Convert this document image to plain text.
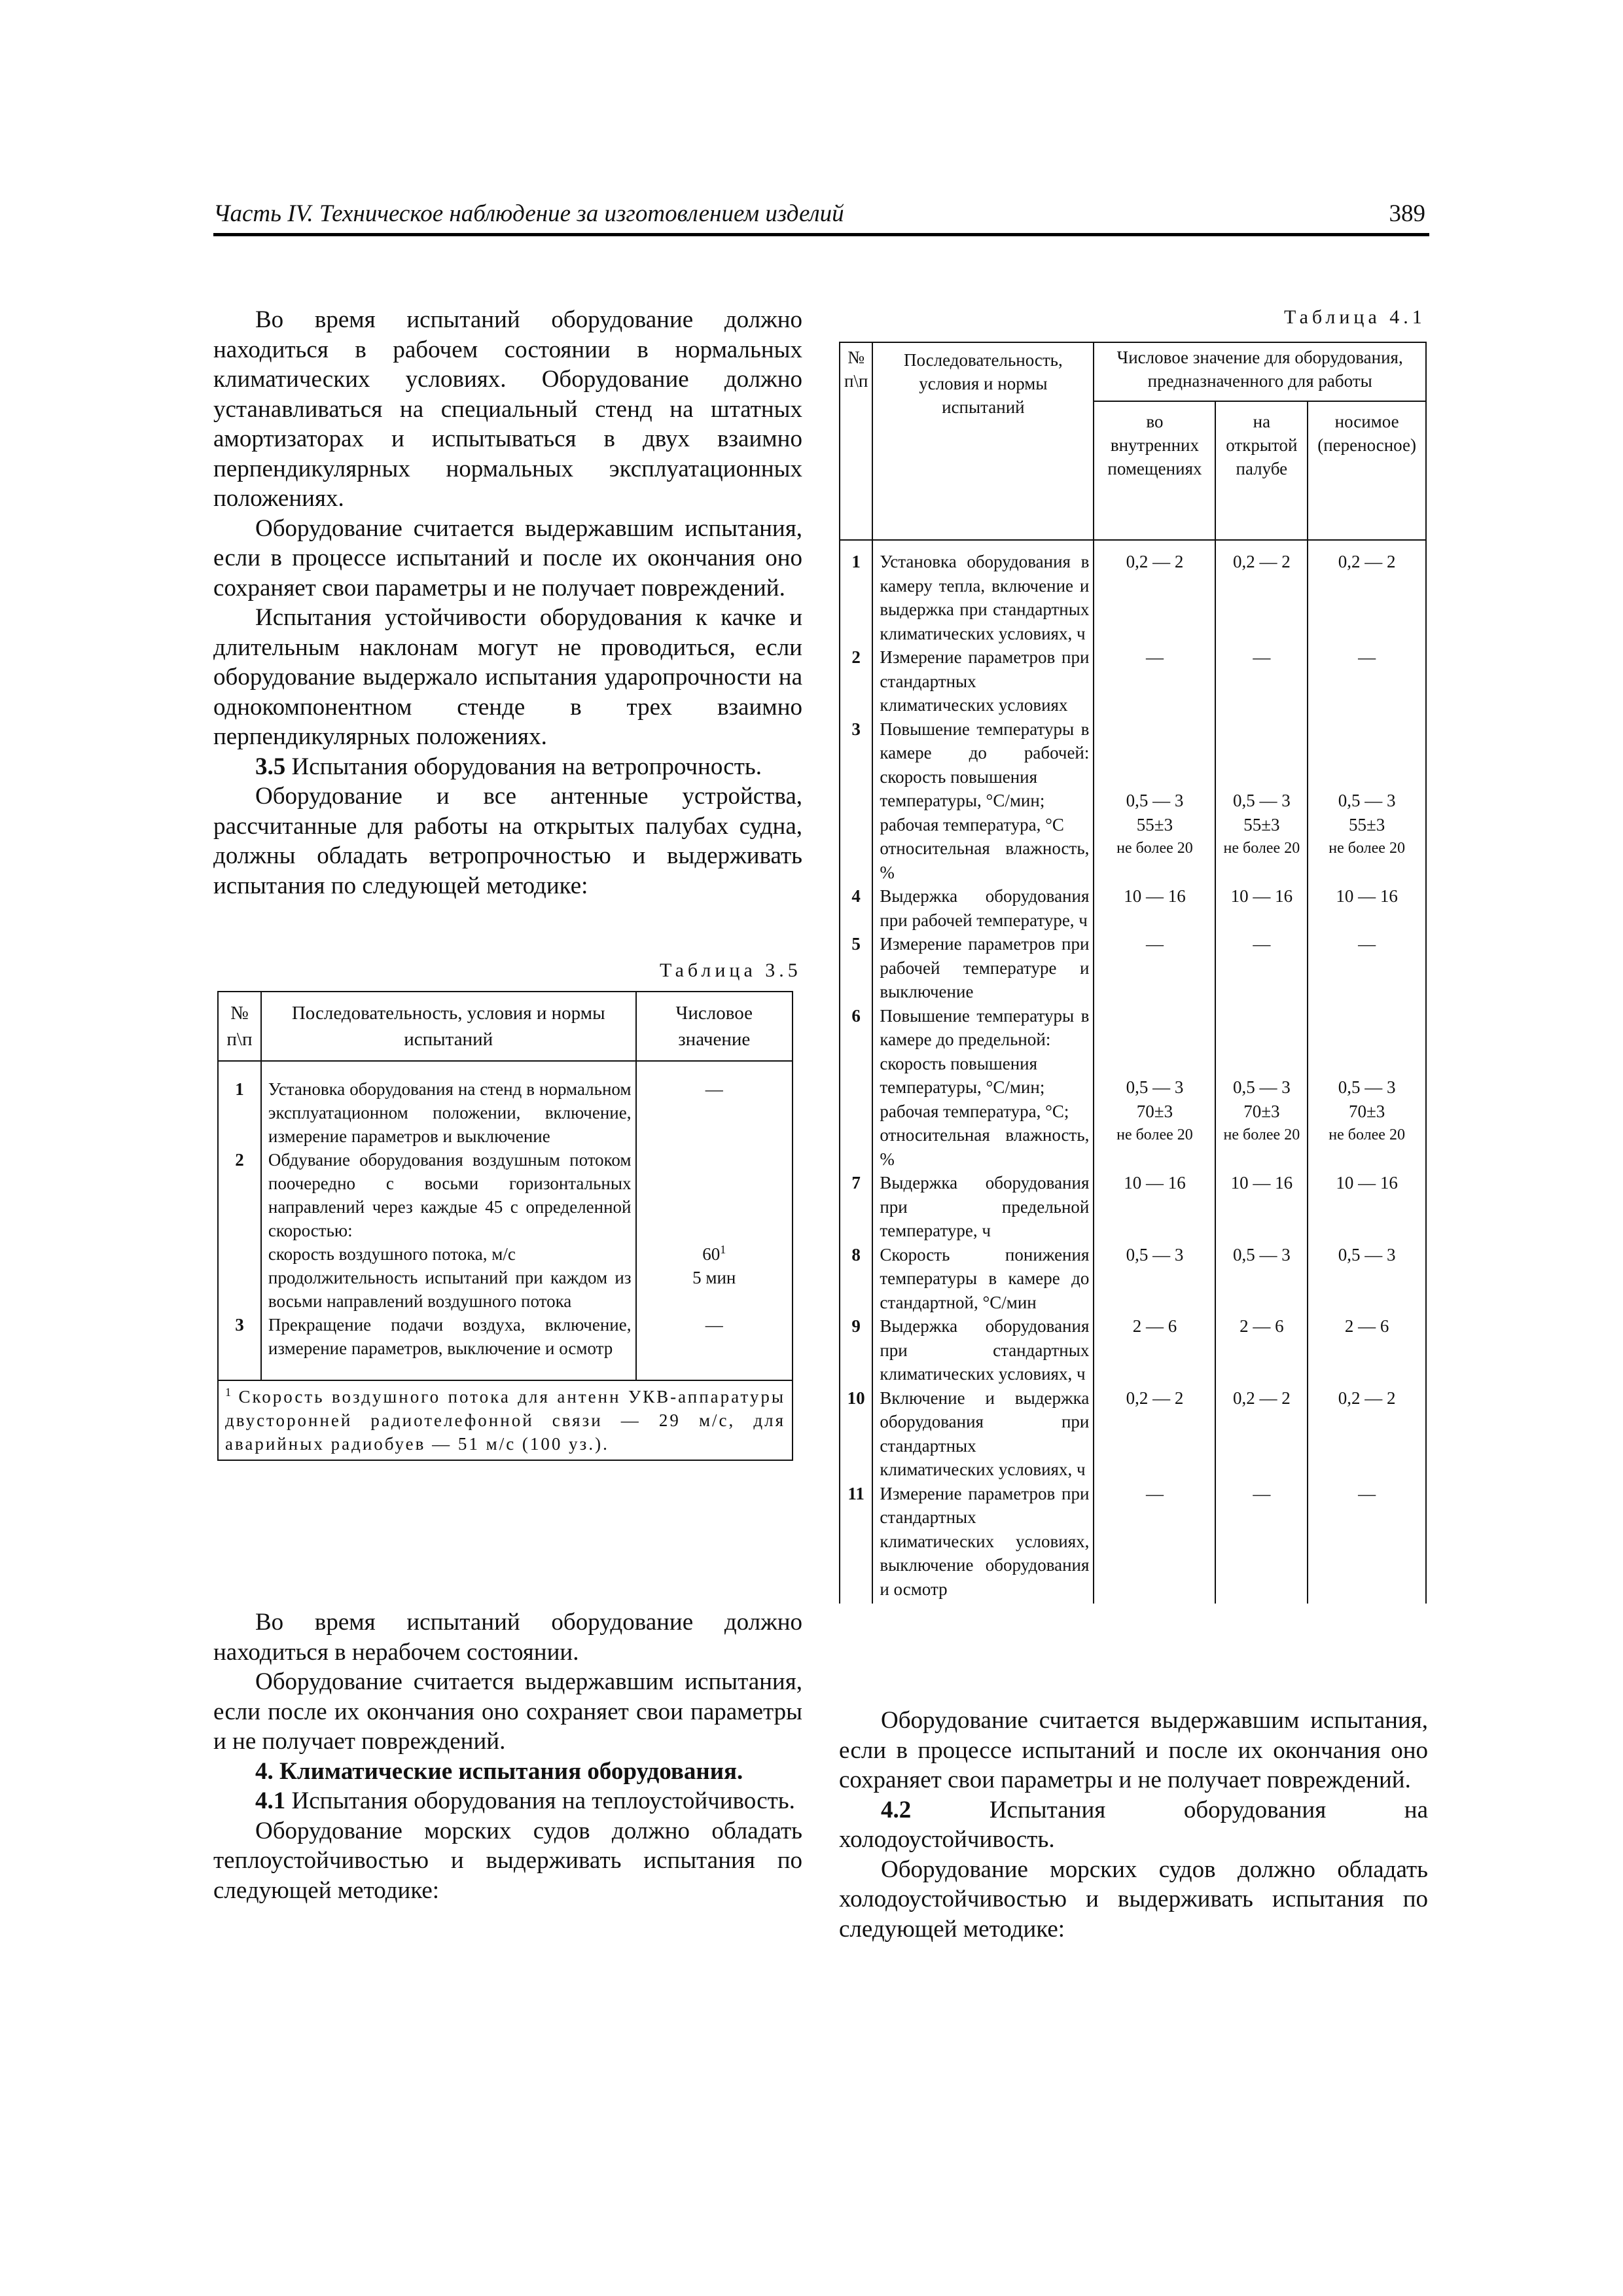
Часть IV. Техническое наблюдение за изготовлением изделий	389

Во время испытаний оборудование должно находиться в рабочем состоянии в нормальных климатических условиях. Оборудование должно устанавливаться на специальный стенд на штатных амортизаторах и испытываться в двух взаимно перпендикулярных нормальных эксплуатационных положениях.

Оборудование считается выдержавшим испытания, если в процессе испытаний и после их окончания оно сохраняет свои параметры и не получает повреждений.

Испытания устойчивости оборудования к качке и длительным наклонам могут не проводиться, если оборудование выдержало испытания ударопрочности на однокомпонентном стенде в трех взаимно перпендикулярных положениях.

3.5 Испытания оборудования на ветропрочность.

Оборудование и все антенные устройства, рассчитанные для работы на открытых палубах судна, должны обладать ветропрочностью и выдерживать испытания по следующей методике:

Таблица 3.5
№ п\п	Последовательность, условия и нормы испытаний	Числовое значение
1	Установка оборудования на стенд в нормальном эксплуатационном положении, включение, измерение параметров и выключение	—
2	Обдувание оборудования воздушным потоком поочередно с восьми горизонтальных направлений через каждые 45 с определенной скоростью:	
	скорость воздушного потока, м/с	$60^1$
	продолжительность испытаний при каждом из восьми направлений воздушного потока	5 мин
3	Прекращение подачи воздуха, включение, измерение параметров, выключение и осмотр	—
$^1$ Скорость воздушного потока для антенн УКВ-аппаратуры двусторонней радиотелефонной связи — 29 м/с, для аварийных радиобуев — 51 м/с (100 уз.).		

Во время испытаний оборудование должно находиться в нерабочем состоянии.

Оборудование считается выдержавшим испытания, если после их окончания оно сохраняет свои параметры и не получает повреждений.

4. Климатические испытания оборудования.

4.1 Испытания оборудования на теплоустойчивость.

Оборудование морских судов должно обладать теплоустойчивостью и выдерживать испытания по следующей методике:

Таблица 4.1
№ п\п	Последовательность, условия и нормы испытаний	Числовое значение для оборудования, предназначенного для работы		
		во внутренних помещениях	на открытой палубе	носимое (переносное)
1	Установка оборудования в камеру тепла, включение и выдержка при стандартных климатических условиях, ч	0,2 — 2	0,2 — 2	0,2 — 2
2	Измерение параметров при стандартных климатических условиях	—	—	—
3	Повышение температуры в камере до рабочей: скорость повышения			
	температуры, °С/мин;	0,5 — 3	0,5 — 3	0,5 — 3
	рабочая температура, °С	55±3	55±3	55±3
	относительная влажность, %	не более 20	не более 20	не более 20
4	Выдержка оборудования при рабочей температуре, ч	10 — 16	10 — 16	10 — 16
5	Измерение параметров при рабочей температуре и выключение	—	—	—
6	Повышение температуры в камере до предельной:			
	скорость повышения			
	температуры, °С/мин;	0,5 — 3	0,5 — 3	0,5 — 3
	рабочая температура, °С;	70±3	70±3	70±3
	относительная влажность, %	не более 20	не более 20	не более 20
7	Выдержка оборудования при предельной температуре, ч	10 — 16	10 — 16	10 — 16
8	Скорость понижения температуры в камере до стандартной, °С/мин	0,5 — 3	0,5 — 3	0,5 — 3
9	Выдержка оборудования при стандартных климатических условиях, ч	2 — 6	2 — 6	2 — 6
10	Включение и выдержка оборудования при стандартных климатических условиях, ч	0,2 — 2	0,2 — 2	0,2 — 2
11	Измерение параметров при стандартных климатических условиях, выключение оборудования и осмотр	—	—	—

Оборудование считается выдержавшим испытания, если в процессе испытаний и после их окончания оно сохраняет свои параметры и не получает повреждений.

4.2 Испытания оборудования на холодоустойчивость.

Оборудование морских судов должно обладать холодоустойчивостью и выдерживать испытания по следующей методике:
